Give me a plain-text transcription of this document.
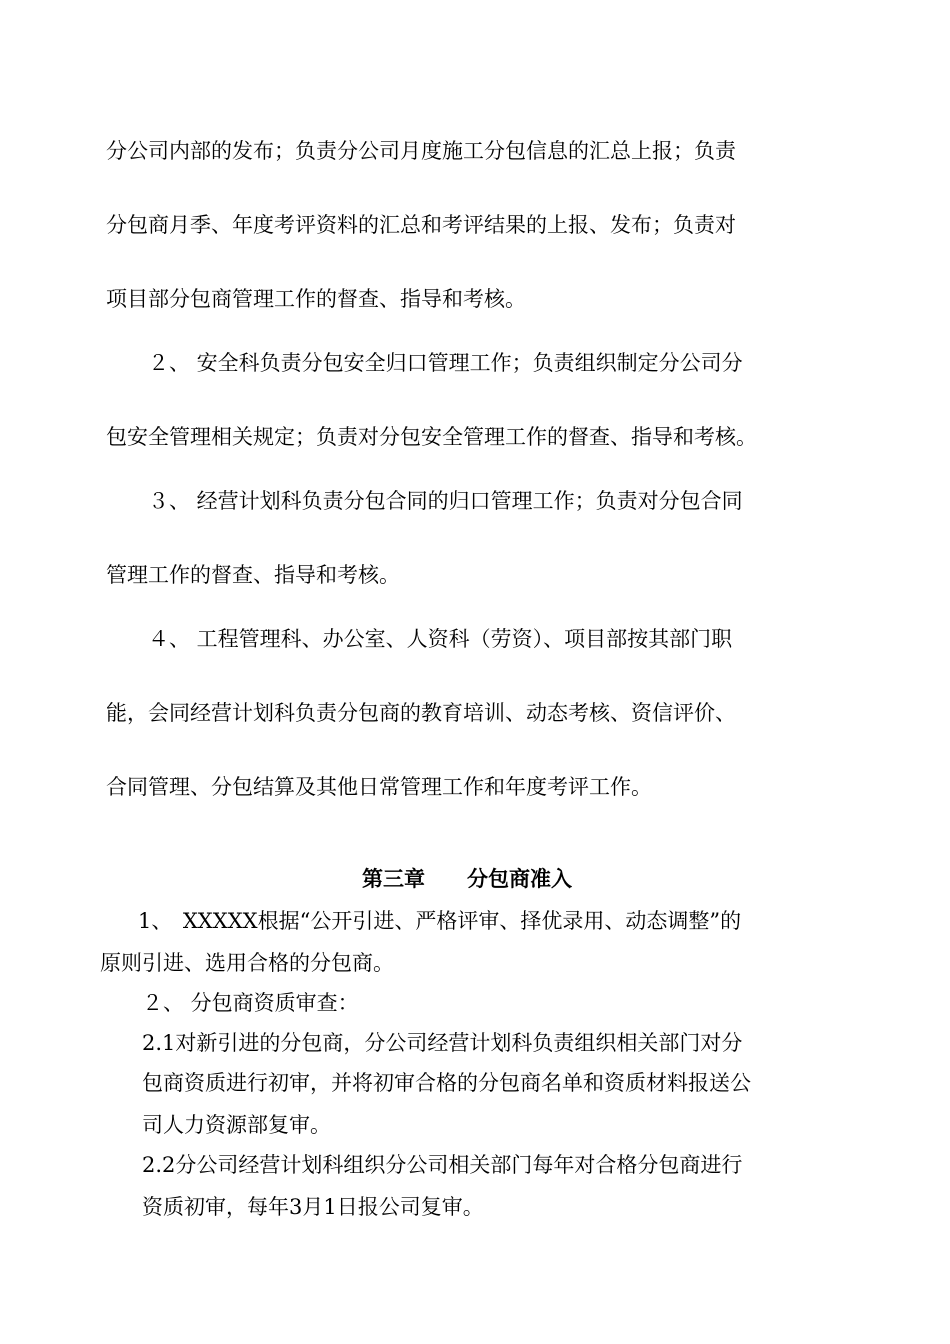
分公司内部的发布；负责分公司月度施工分包信息的汇总上报；负责

分包商月季、年度考评资料的汇总和考评结果的上报、发布；负责对

项目部分包商管理工作的督查、指导和考核。

２、 安全科负责分包安全归口管理工作；负责组织制定分公司分

包安全管理相关规定；负责对分包安全管理工作的督查、指导和考核。

３、 经营计划科负责分包合同的归口管理工作；负责对分包合同

管理工作的督查、指导和考核。

４、 工程管理科、办公室、人资科（劳资）、项目部按其部门职

能，会同经营计划科负责分包商的教育培训、动态考核、资信评价、

合同管理、分包结算及其他日常管理工作和年度考评工作。

第三章　　分包商准入

1、　XXXXX根据“公开引进、严格评审、择优录用、动态调整”的

原则引进、选用合格的分包商。

２、 分包商资质审查：

2.1对新引进的分包商，分公司经营计划科负责组织相关部门对分

包商资质进行初审，并将初审合格的分包商名单和资质材料报送公

司人力资源部复审。

2.2分公司经营计划科组织分公司相关部门每年对合格分包商进行

资质初审，每年3月1日报公司复审。
